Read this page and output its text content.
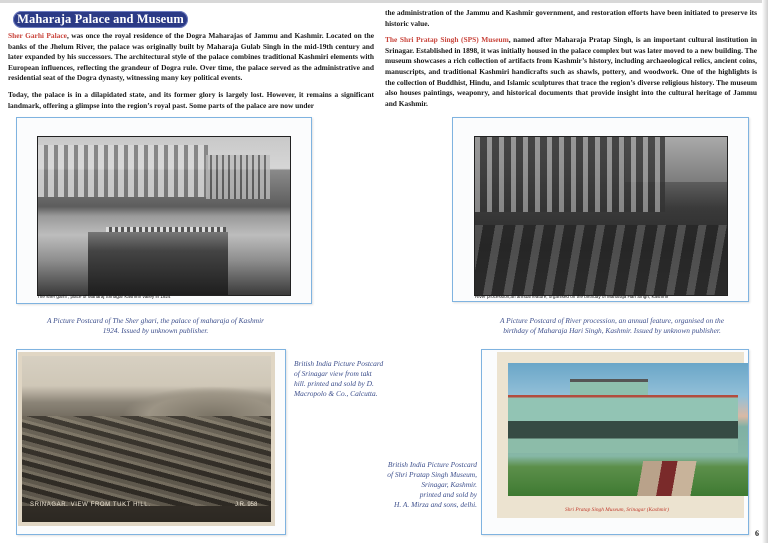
Maharaja Palace and Museum
The sher garhi , place of Maharaj Srinagar Kashmir valley in 1924
A Picture Postcard of The Sher ghari, the palace of maharaja of Kashmir
1924. Issued by unknown publisher.
River procession,an annual feature, organised on the birthday of Maharaja Hari Singh, Kashmir
A Picture Postcard of River procession, an annual feature, organised on the
birthday of Maharaja Hari Singh, Kashmir. Issued by unknown publisher.
SRINAGAR. VIEW FROM TUKT HILL.	J.R. 958
British India Picture Postcard
of Srinagar view from takt
hill. printed and sold by D.
Macropolo & Co., Calcutta.
Shri Pratap Singh Museum, Srinagar (Kashmir)
British India Picture Postcard
of Shri Pratap Singh Museum,
Srinagar, Kashmir.
printed and sold by
H. A. Mirza and sons, delhi.

Sher Garhi Palace, was once the royal residence of the Dogra Maharajas of Jammu and Kashmir. Located on the banks of the Jhelum River, the palace was originally built by Maharaja Gulab Singh in the mid-19th century and later expanded by his successors. The architectural style of the palace combines traditional Kashmiri elements with European influences, reflecting the grandeur of Dogra rule. Over time, the palace served as the administrative and residential seat of the Dogra dynasty, witnessing many key political events.

Today, the palace is in a dilapidated state, and its former glory is largely lost. However, it remains a significant landmark, offering a glimpse into the region’s royal past. Some parts of the palace are now under

the administration of the Jammu and Kashmir government, and restoration efforts have been initiated to preserve its historic value.

The Shri Pratap Singh (SPS) Museum, named after Maharaja Pratap Singh, is an important cultural institution in Srinagar. Established in 1898, it was initially housed in the palace complex but was later moved to a new building. The museum showcases a rich collection of artifacts from Kashmir’s history, including archaeological relics, ancient coins, manuscripts, and traditional Kashmiri handicrafts such as shawls, pottery, and woodwork. One of the highlights is the collection of Buddhist, Hindu, and Islamic sculptures that trace the region’s diverse religious history. The museum also houses paintings, weaponry, and historical documents that provide insight into the cultural heritage of Jammu and Kashmir.

6
